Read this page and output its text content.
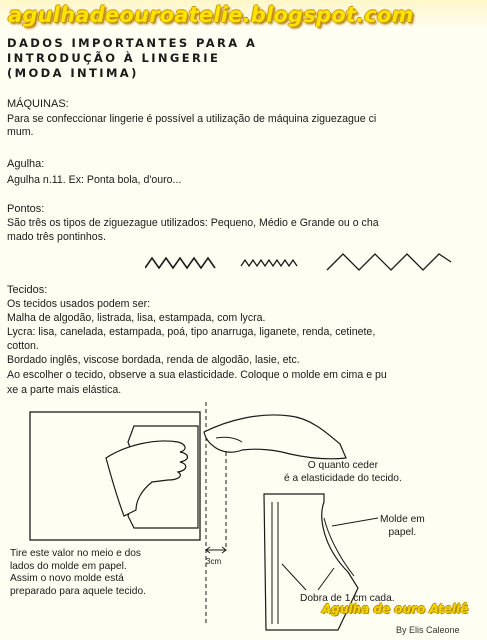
agulhadeouroatelie.blogspot.com
DADOS IMPORTANTES PARA A
INTRODUÇÃO À LINGERIE
(MODA INTIMA)
MÁQUINAS:
Para se confeccionar lingerie é possível a utilização de máquina ziguezague ci
mum.
Agulha:
Agulha n.11. Ex: Ponta bola, d'ouro...
Pontos:
São três os tipos de ziguezague utilizados: Pequeno, Médio e Grande ou o cha
mado três pontinhos.
Tecidos:
Os tecidos usados podem ser:
Malha de algodão, listrada, lisa, estampada, com lycra.
Lycra: lisa, canelada, estampada, poá, tipo anarruga, liganete, renda, cetinete,
cotton.
Bordado inglês, viscose bordada, renda de algodão, lasie, etc.
Ao escolher o tecido, observe a sua elasticidade. Coloque o molde em cima e pu
xe a parte mais elástica.
O quanto ceder
é a elasticidade do tecido.
Molde em
papel.
3cm
Dobra de 1 cm cada.
Tire este valor no meio e dos
lados do molde em papel.
Assim o novo molde está
preparado para aquele tecido.
Agulha de ouro Ateliê
By Elis Caleone
